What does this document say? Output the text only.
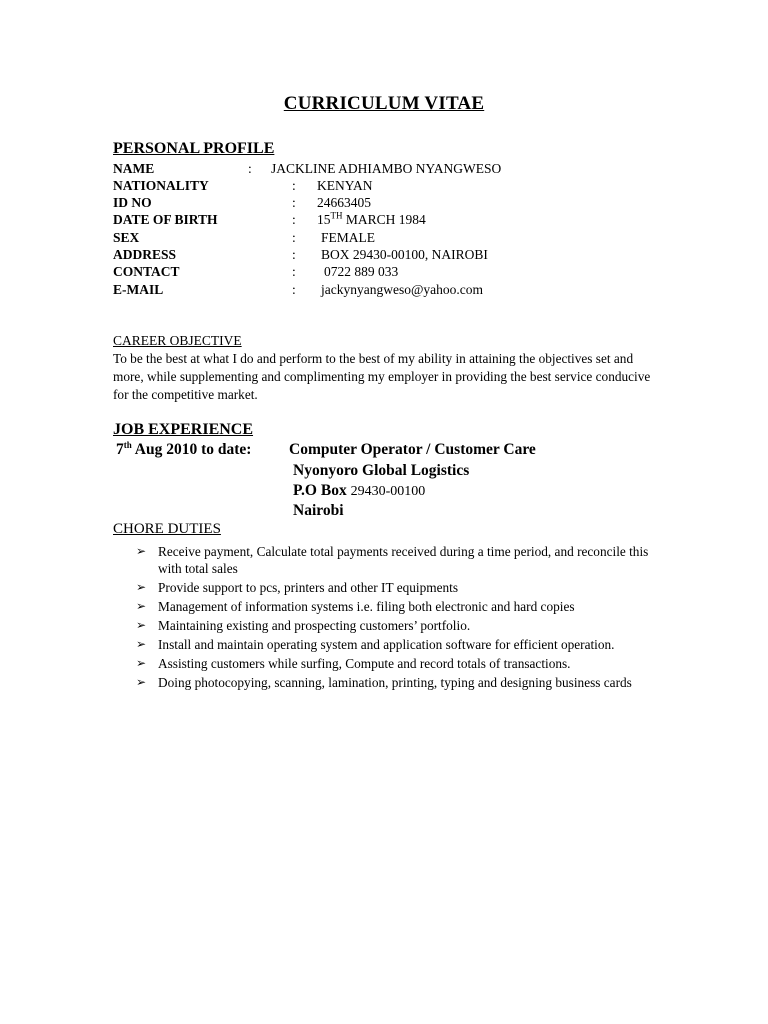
CURRICULUM VITAE
PERSONAL PROFILE
NAME	: JACKLINE ADHIAMBO NYANGWESO
NATIONALITY	: KENYAN
ID NO	: 24663405
DATE OF BIRTH	: 15TH MARCH 1984
SEX	: FEMALE
ADDRESS	: BOX 29430-00100, NAIROBI
CONTACT	: 0722 889 033
E-MAIL	: jackynyangweso@yahoo.com
CAREER OBJECTIVE
To be the best at what I do and perform to the best of my ability in attaining the objectives set and more, while supplementing and complimenting my employer in providing the best service conducive for the competitive market.
JOB EXPERIENCE
7th Aug 2010 to date: Computer Operator / Customer Care
Nyonyoro Global Logistics
P.O Box 29430-00100
Nairobi
CHORE DUTIES
➢ Receive payment, Calculate total payments received during a time period, and reconcile this with total sales
➢ Provide support to pcs, printers and other IT equipments
➢ Management of information systems i.e. filing both electronic and hard copies
➢ Maintaining existing and prospecting customers’ portfolio.
➢ Install and maintain operating system and application software for efficient operation.
➢ Assisting customers while surfing, Compute and record totals of transactions.
➢ Doing photocopying, scanning, lamination, printing, typing and designing business cards
